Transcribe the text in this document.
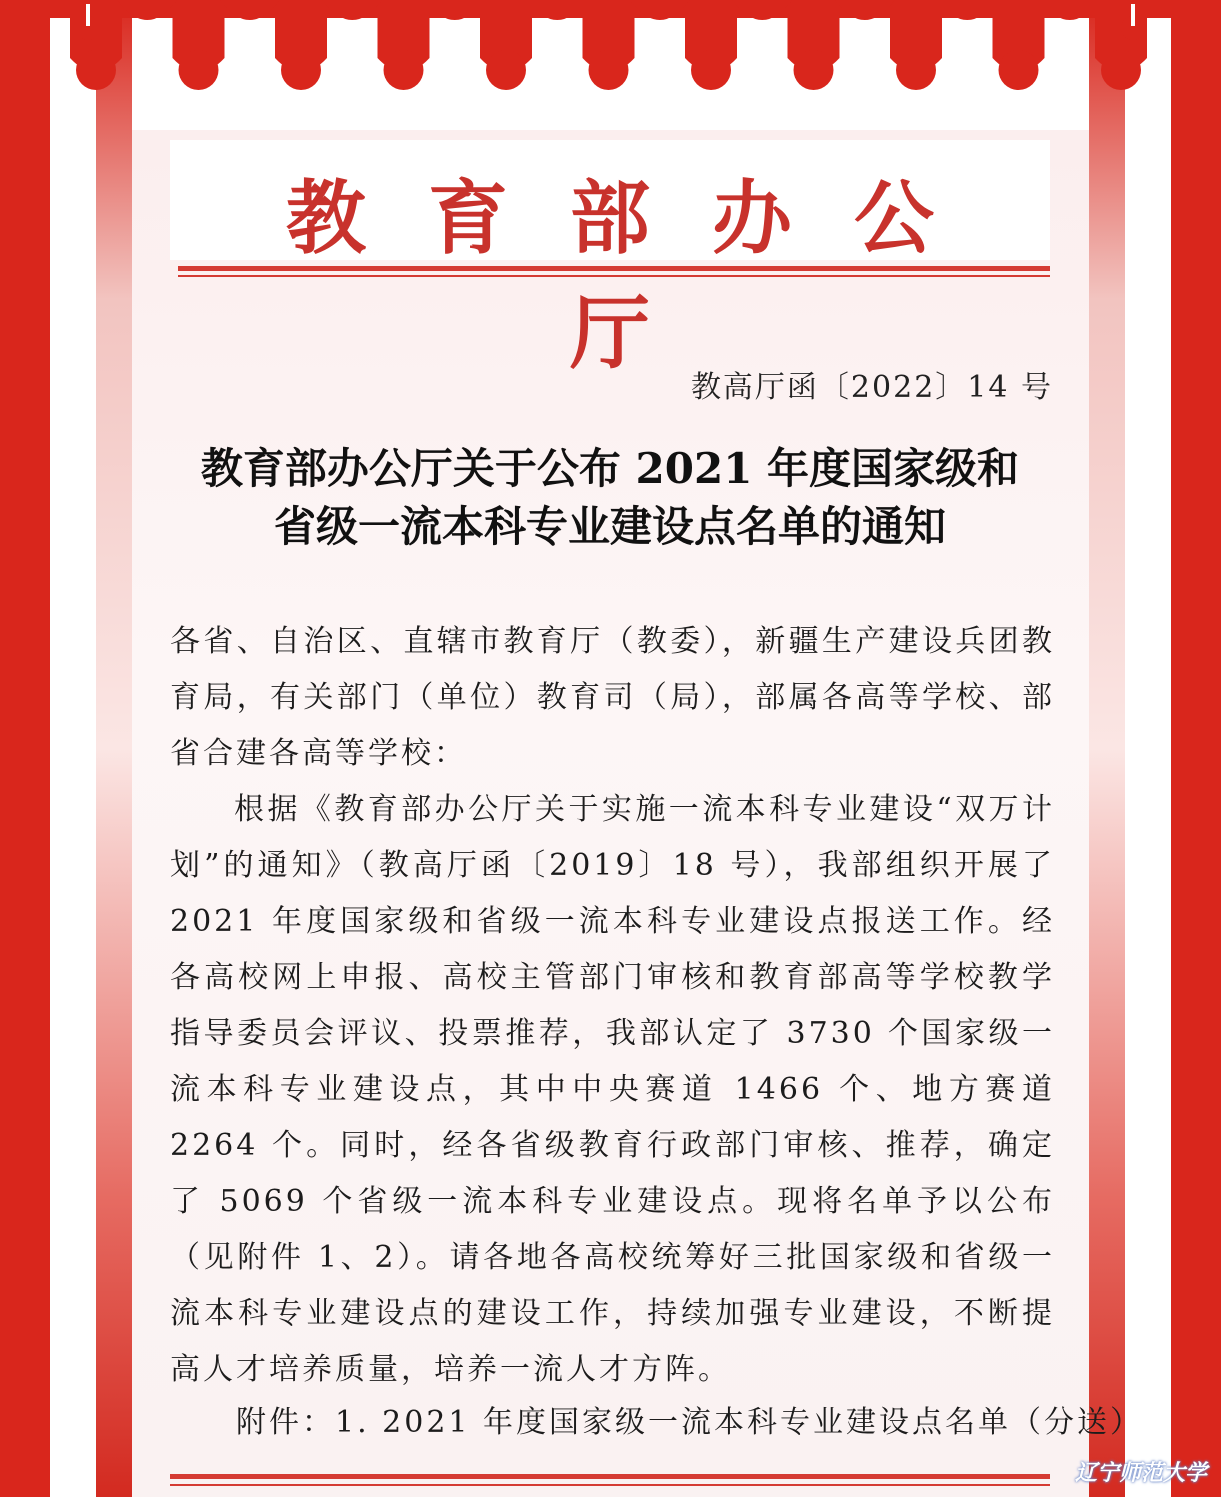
教育部办公厅
教高厅函〔2022〕14 号
教育部办公厅关于公布 2021 年度国家级和
省级一流本科专业建设点名单的通知

各省、自治区、直辖市教育厅（教委），新疆生产建设兵团教育局，有关部门（单位）教育司（局），部属各高等学校、部省合建各高等学校：

根据《教育部办公厅关于实施一流本科专业建设“双万计划”的通知》（教高厅函〔2019〕18 号），我部组织开展了 2021 年度国家级和省级一流本科专业建设点报送工作。经各高校网上申报、高校主管部门审核和教育部高等学校教学指导委员会评议、投票推荐，我部认定了 3730 个国家级一流本科专业建设点，其中中央赛道 1466 个、地方赛道 2264 个。同时，经各省级教育行政部门审核、推荐，确定了 5069 个省级一流本科专业建设点。现将名单予以公布（见附件 1、2）。请各地各高校统筹好三批国家级和省级一流本科专业建设点的建设工作，持续加强专业建设，不断提高人才培养质量，培养一流人才方阵。

附件：1. 2021 年度国家级一流本科专业建设点名单（分送）
辽宁师范大学
